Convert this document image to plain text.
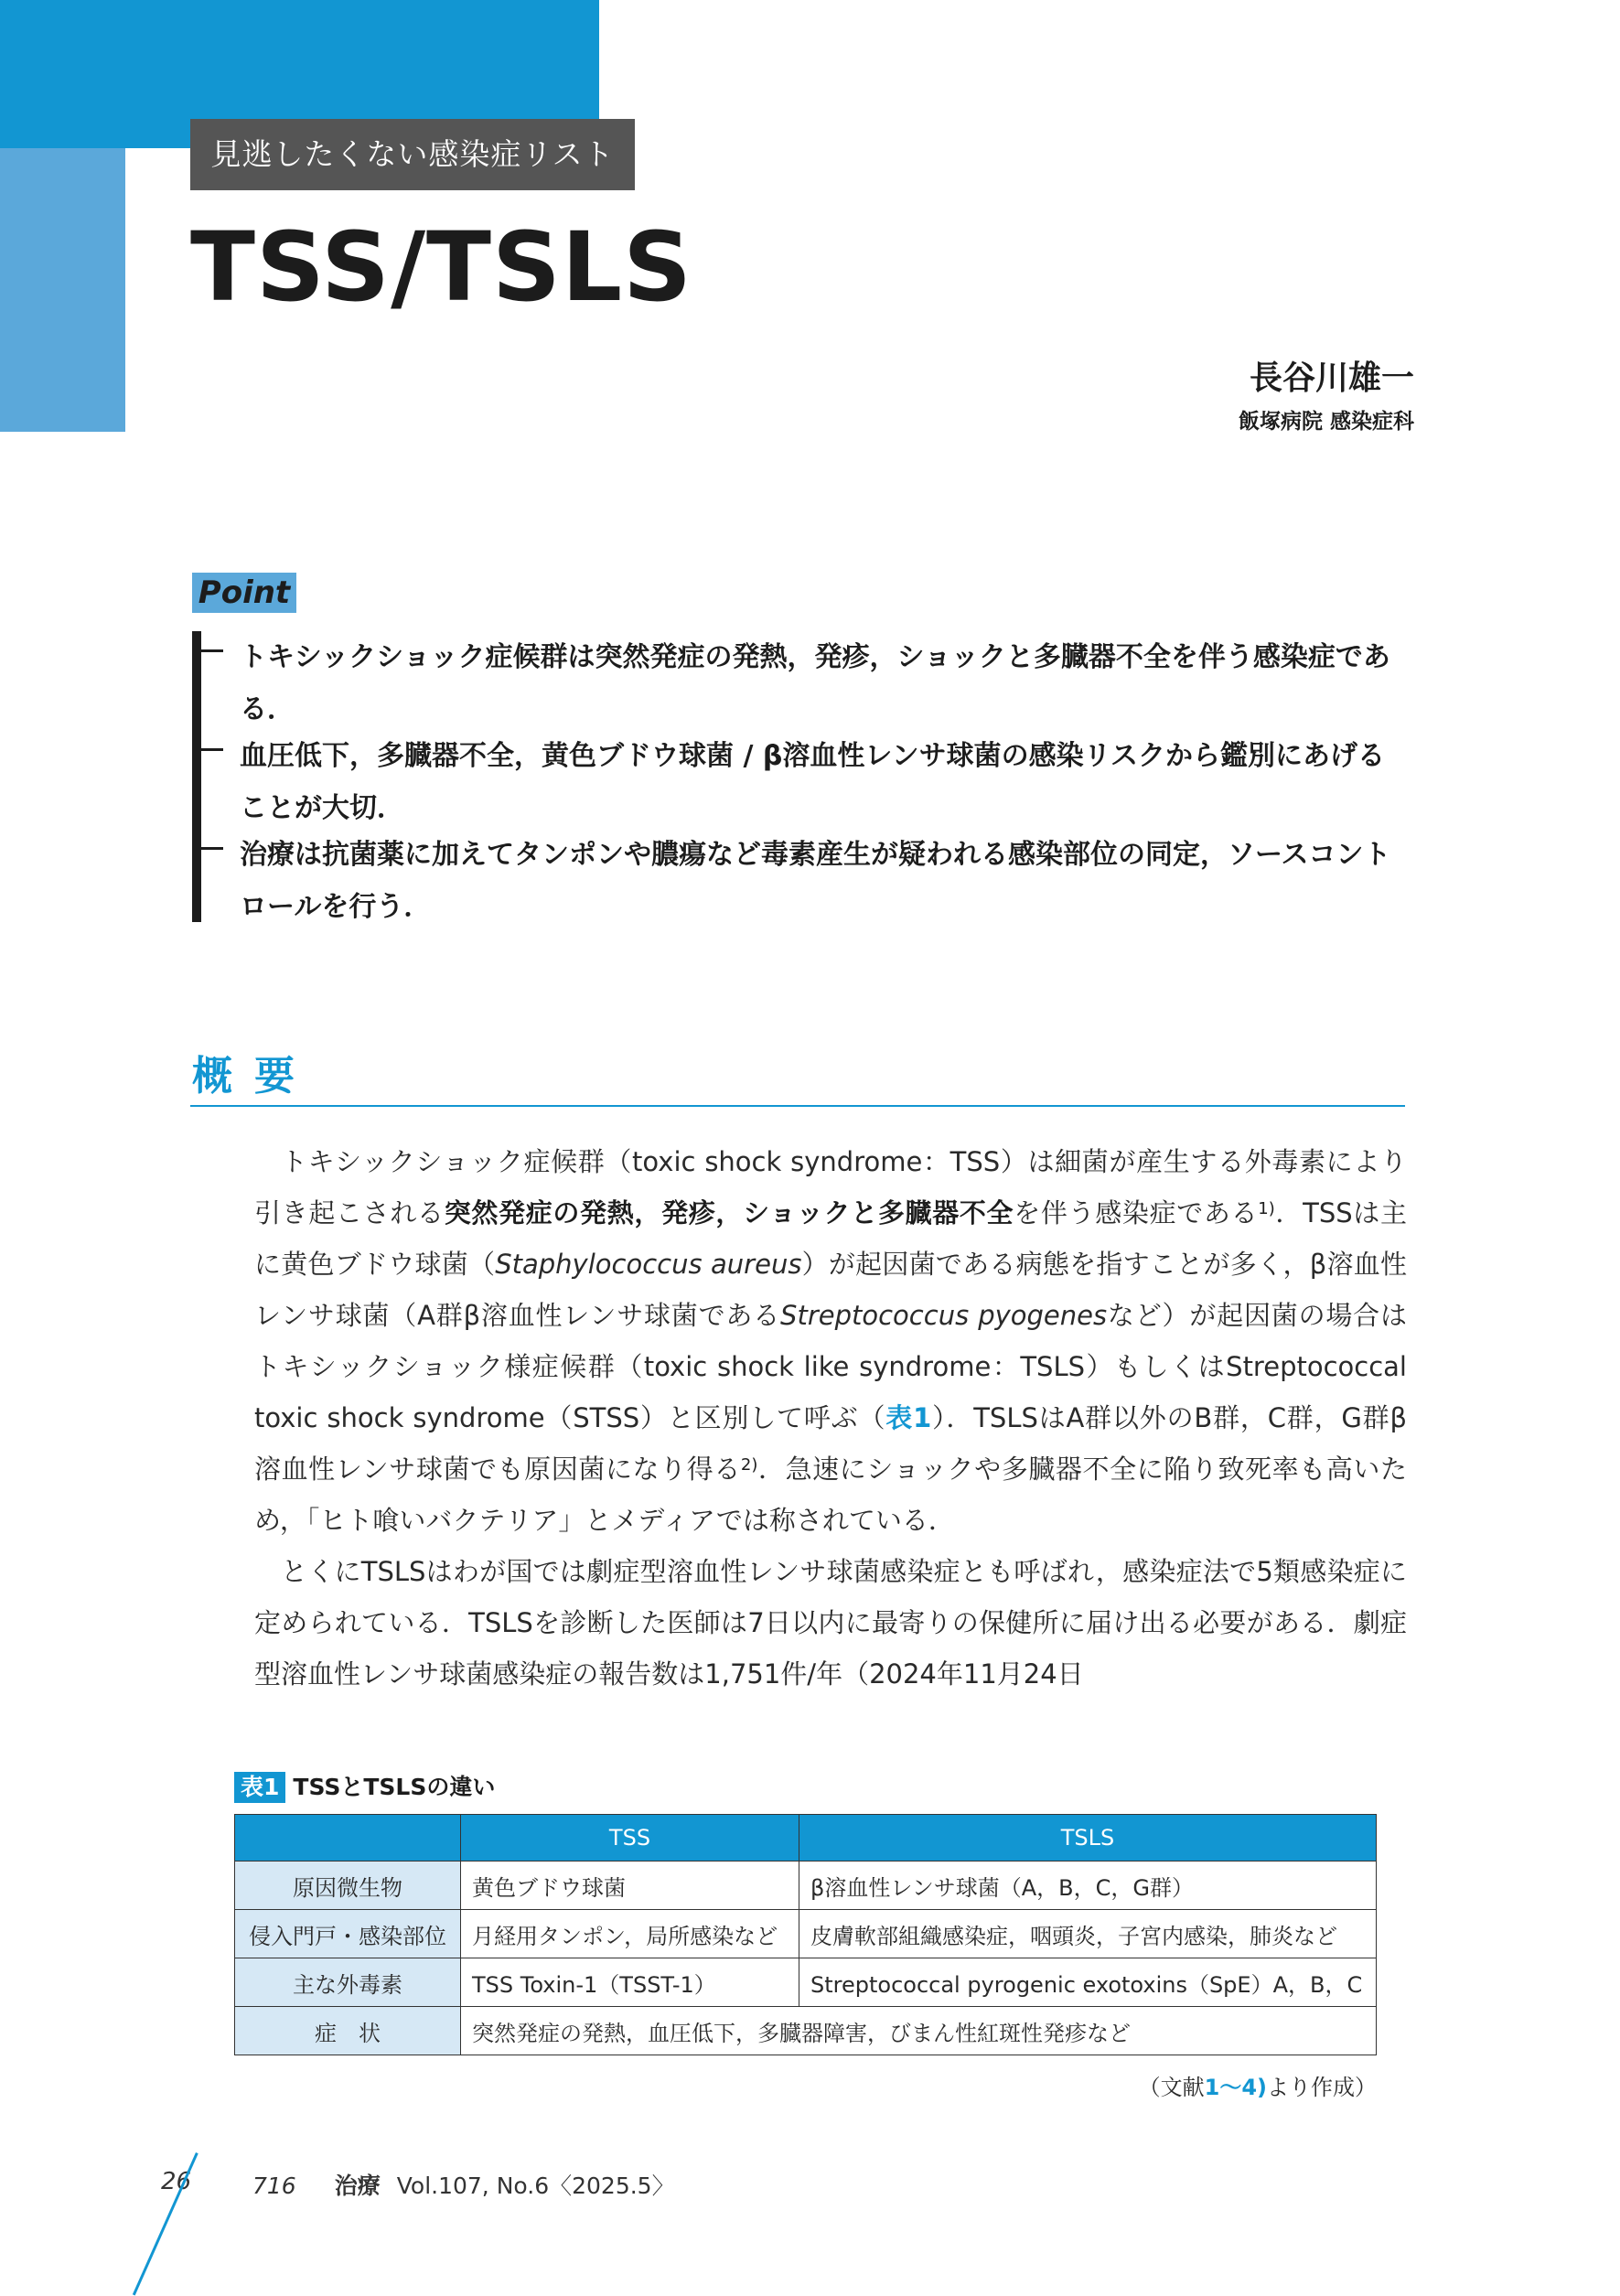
見逃したくない感染症リスト
TSS/TSLS
長谷川雄一
飯塚病院 感染症科
Point
トキシックショック症候群は突然発症の発熱，発疹，ショックと多臓器不全を伴う感染症である．
血圧低下，多臓器不全，黄色ブドウ球菌 / β溶血性レンサ球菌の感染リスクから鑑別にあげることが大切．
治療は抗菌薬に加えてタンポンや膿瘍など毒素産生が疑われる感染部位の同定，ソースコントロールを行う．
概要

トキシックショック症候群（toxic shock syndrome：TSS）は細菌が産生する外毒素により引き起こされる突然発症の発熱，発疹，ショックと多臓器不全を伴う感染症である$^{1)}$．TSSは主に黄色ブドウ球菌（Staphylococcus aureus）が起因菌である病態を指すことが多く，β溶血性レンサ球菌（A群β溶血性レンサ球菌であるStreptococcus pyogenesなど）が起因菌の場合はトキシックショック様症候群（toxic shock like syndrome：TSLS）もしくはStreptococcal toxic shock syndrome（STSS）と区別して呼ぶ（表1）．TSLSはA群以外のB群，C群，G群β溶血性レンサ球菌でも原因菌になり得る$^{2)}$．急速にショックや多臓器不全に陥り致死率も高いため，「ヒト喰いバクテリア」とメディアでは称されている．

とくにTSLSはわが国では劇症型溶血性レンサ球菌感染症とも呼ばれ，感染症法で5類感染症に定められている．TSLSを診断した医師は7日以内に最寄りの保健所に届け出る必要がある．劇症型溶血性レンサ球菌感染症の報告数は1,751件/年（2024年11月24日

表1 TSSとTSLSの違い
	TSS	TSLS
原因微生物	黄色ブドウ球菌	β溶血性レンサ球菌（A，B，C，G群）
侵入門戸・感染部位	月経用タンポン，局所感染など	皮膚軟部組織感染症，咽頭炎，子宮内感染，肺炎など
主な外毒素	TSS Toxin-1（TSST-1）	Streptococcal pyrogenic exotoxins（SpE）A，B，C
症　状	突然発症の発熱，血圧低下，多臓器障害，びまん性紅斑性発疹など	
（文献1〜4)より作成）
26	716 治療 Vol.107, No.6〈2025.5〉
